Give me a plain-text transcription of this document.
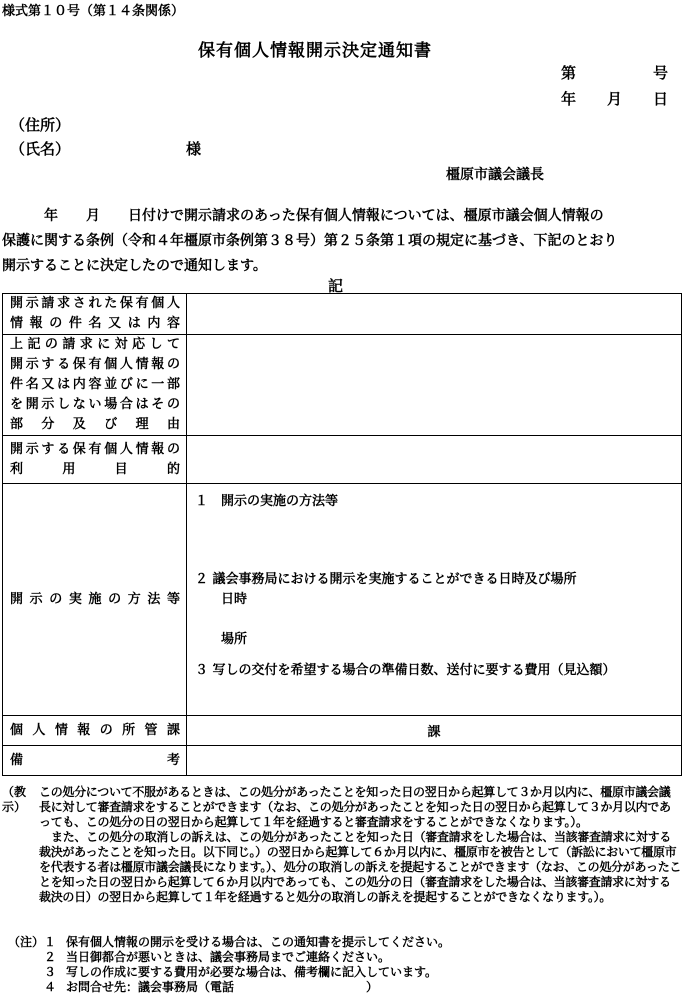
様式第１０号（第１４条関係）
保有個人情報開示決定通知書
第	号
年 月 日
（住所）
（氏名）	様
橿原市議会議長

　　　年　　月　　日付けで開示請求のあった保有個人情報については、橿原市議会個人情報の

保護に関する条例（令和４年橿原市条例第３８号）第２５条第１項の規定に基づき、下記のとおり

開示することに決定したので通知します。

記
開示請求された保有個人
情報の件名又は内容	

上記の請求に対応して
開示する保有個人情報の
件名又は内容並びに一部
を開示しない場合はその
部分及び理由	

開示する保有個人情報の
利用目的	

開示の実施の方法等	１　開示の実施の方法等
２ 議会事務局における開示を実施することができる日時及び場所
日時
場所
３ 写しの交付を希望する場合の準備日数、送付に要する費用（見込額）

個人情報の所管課	課

備考	

（教示）
この処分について不服があるときは、この処分があったことを知った日の翌日から起算して３か月以内に、橿原市議会議長に対して審査請求をすることができます（なお、この処分があったことを知った日の翌日から起算して３か月以内であっても、この処分の日の翌日から起算して１年を経過すると審査請求をすることができなくなります。）。
また、この処分の取消しの訴えは、この処分があったことを知った日（審査請求をした場合は、当該審査請求に対する裁決があったことを知った日。以下同じ。）の翌日から起算して６か月以内に、橿原市を被告として（訴訟において橿原市を代表する者は橿原市議会議長になります。）、処分の取消しの訴えを提起することができます（なお、この処分があったことを知った日の翌日から起算して６か月以内であっても、この処分の日（審査請求をした場合は、当該審査請求に対する裁決の日）の翌日から起算して１年を経過すると処分の取消しの訴えを提起することができなくなります。）。
（注） １ 保有個人情報の開示を受ける場合は、この通知書を提示してください。
２ 当日御都合が悪いときは、議会事務局までご連絡ください。
３ 写しの作成に要する費用が必要な場合は、備考欄に記入しています。
４ お問合せ先：議会事務局（電話　　　　　　　　　　　）
